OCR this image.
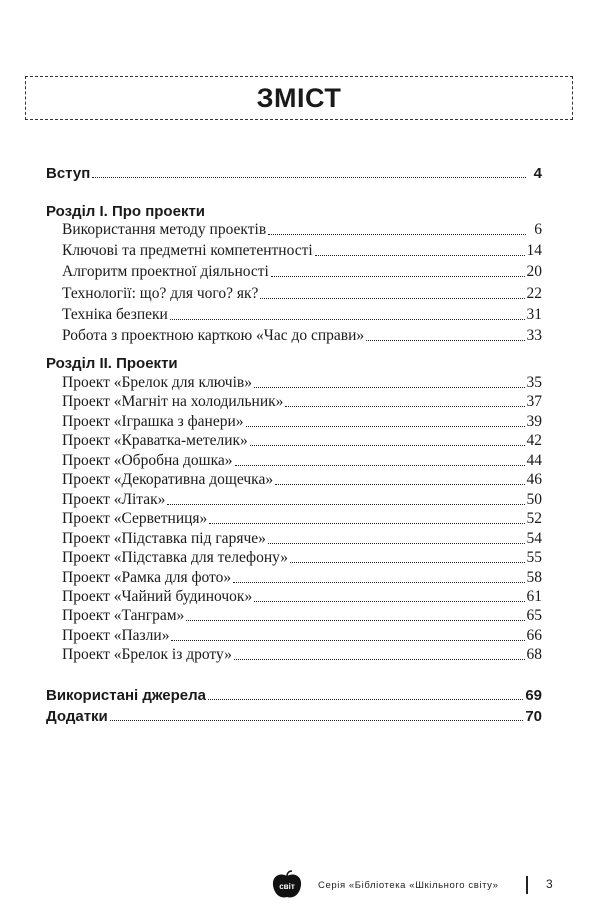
ЗМІСТ
Вступ	4
Розділ І. Про проекти
Використання методу проектів	6
Ключові та предметні компетентності	14
Алгоритм проектної діяльності	20
Технології: що? для чого? як?	22
Техніка безпеки	31
Робота з проектною карткою «Час до справи»	33
Розділ ІІ. Проекти
Проект «Брелок для ключів»	35
Проект «Магніт на холодильник»	37
Проект «Іграшка з фанери»	39
Проект «Краватка-метелик»	42
Проект «Обробна дошка»	44
Проект «Декоративна дощечка»	46
Проект «Літак»	50
Проект «Серветниця»	52
Проект «Підставка під гаряче»	54
Проект «Підставка для телефону»	55
Проект «Рамка для фото»	58
Проект «Чайний будиночок»	61
Проект «Танграм»	65
Проект «Пазли»	66
Проект «Брелок із дроту»	68
Використані джерела	69
Додатки	70
світ Серія «Бібліотека «Шкільного світу»	3
